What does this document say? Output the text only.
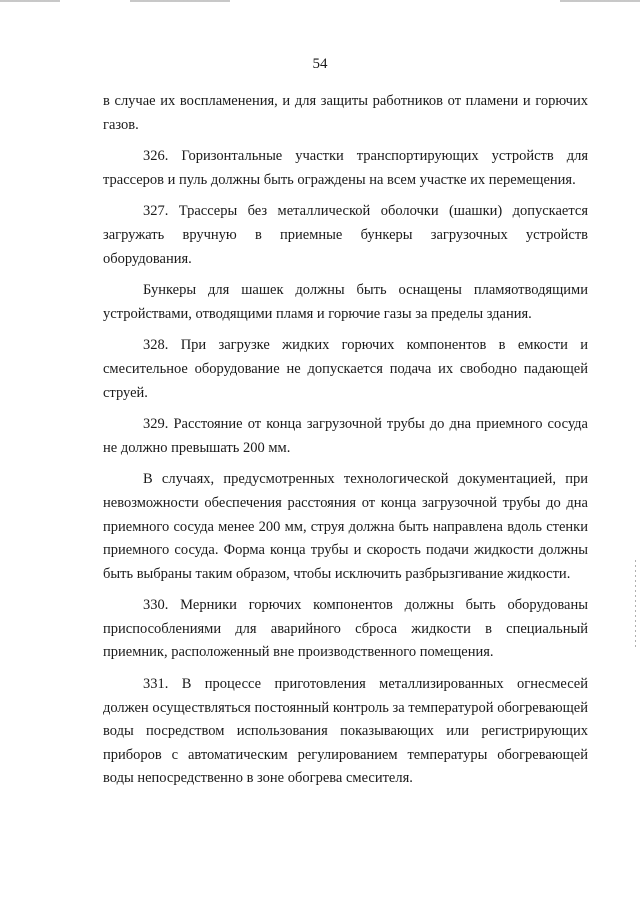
54

в случае их воспламенения, и для защиты работников от пламени и горючих газов.

326. Горизонтальные участки транспортирующих устройств для трассеров и пуль должны быть ограждены на всем участке их перемещения.

327. Трассеры без металлической оболочки (шашки) допускается загружать вручную в приемные бункеры загрузочных устройств оборудования.

Бункеры для шашек должны быть оснащены пламяотводящими устройствами, отводящими пламя и горючие газы за пределы здания.

328. При загрузке жидких горючих компонентов в емкости и смесительное оборудование не допускается подача их свободно падающей струей.

329. Расстояние от конца загрузочной трубы до дна приемного сосуда не должно превышать 200 мм.

В случаях, предусмотренных технологической документацией, при невозможности обеспечения расстояния от конца загрузочной трубы до дна приемного сосуда менее 200 мм, струя должна быть направлена вдоль стенки приемного сосуда. Форма конца трубы и скорость подачи жидкости должны быть выбраны таким образом, чтобы исключить разбрызгивание жидкости.

330. Мерники горючих компонентов должны быть оборудованы приспособлениями для аварийного сброса жидкости в специальный приемник, расположенный вне производственного помещения.

331. В процессе приготовления металлизированных огнесмесей должен осуществляться постоянный контроль за температурой обогревающей воды посредством использования показывающих или регистрирующих приборов с автоматическим регулированием температуры обогревающей воды непосредственно в зоне обогрева смесителя.
